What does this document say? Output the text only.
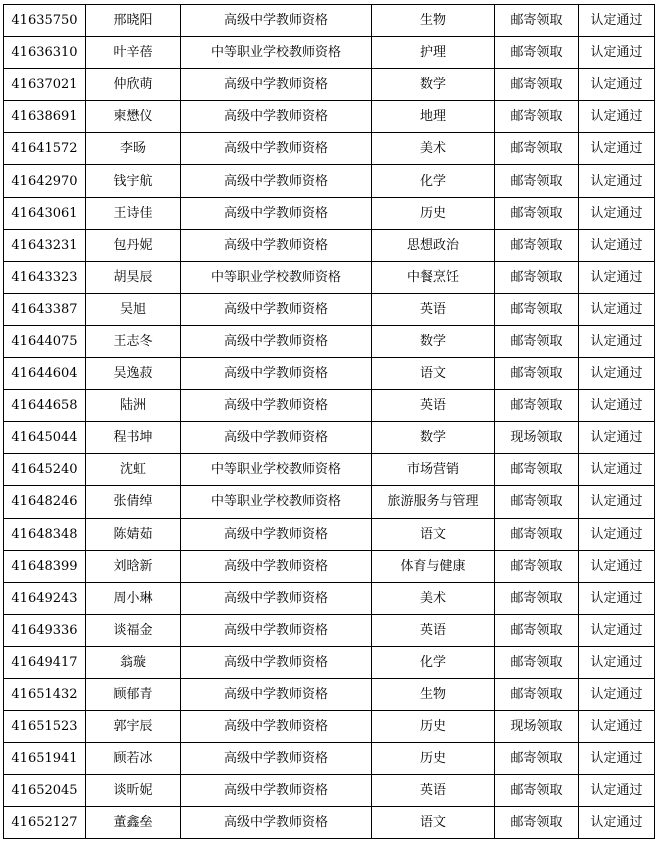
41635750	邢晓阳	高级中学教师资格	生物	邮寄领取	认定通过
41636310	叶辛蓓	中等职业学校教师资格	护理	邮寄领取	认定通过
41637021	仲欣萌	高级中学教师资格	数学	邮寄领取	认定通过
41638691	柬懋仪	高级中学教师资格	地理	邮寄领取	认定通过
41641572	李旸	高级中学教师资格	美术	邮寄领取	认定通过
41642970	钱宇航	高级中学教师资格	化学	邮寄领取	认定通过
41643061	王诗佳	高级中学教师资格	历史	邮寄领取	认定通过
41643231	包丹妮	高级中学教师资格	思想政治	邮寄领取	认定通过
41643323	胡昊辰	中等职业学校教师资格	中餐烹饪	邮寄领取	认定通过
41643387	吴旭	高级中学教师资格	英语	邮寄领取	认定通过
41644075	王志冬	高级中学教师资格	数学	邮寄领取	认定通过
41644604	吴逸菽	高级中学教师资格	语文	邮寄领取	认定通过
41644658	陆洲	高级中学教师资格	英语	邮寄领取	认定通过
41645044	程书坤	高级中学教师资格	数学	现场领取	认定通过
41645240	沈虹	中等职业学校教师资格	市场营销	邮寄领取	认定通过
41648246	张倩绰	中等职业学校教师资格	旅游服务与管理	邮寄领取	认定通过
41648348	陈婧茹	高级中学教师资格	语文	邮寄领取	认定通过
41648399	刘晗新	高级中学教师资格	体育与健康	邮寄领取	认定通过
41649243	周小琳	高级中学教师资格	美术	邮寄领取	认定通过
41649336	谈福金	高级中学教师资格	英语	邮寄领取	认定通过
41649417	翁璇	高级中学教师资格	化学	邮寄领取	认定通过
41651432	顾郁青	高级中学教师资格	生物	邮寄领取	认定通过
41651523	郭宇辰	高级中学教师资格	历史	现场领取	认定通过
41651941	顾若冰	高级中学教师资格	历史	邮寄领取	认定通过
41652045	谈昕妮	高级中学教师资格	英语	邮寄领取	认定通过
41652127	董鑫垒	高级中学教师资格	语文	邮寄领取	认定通过
